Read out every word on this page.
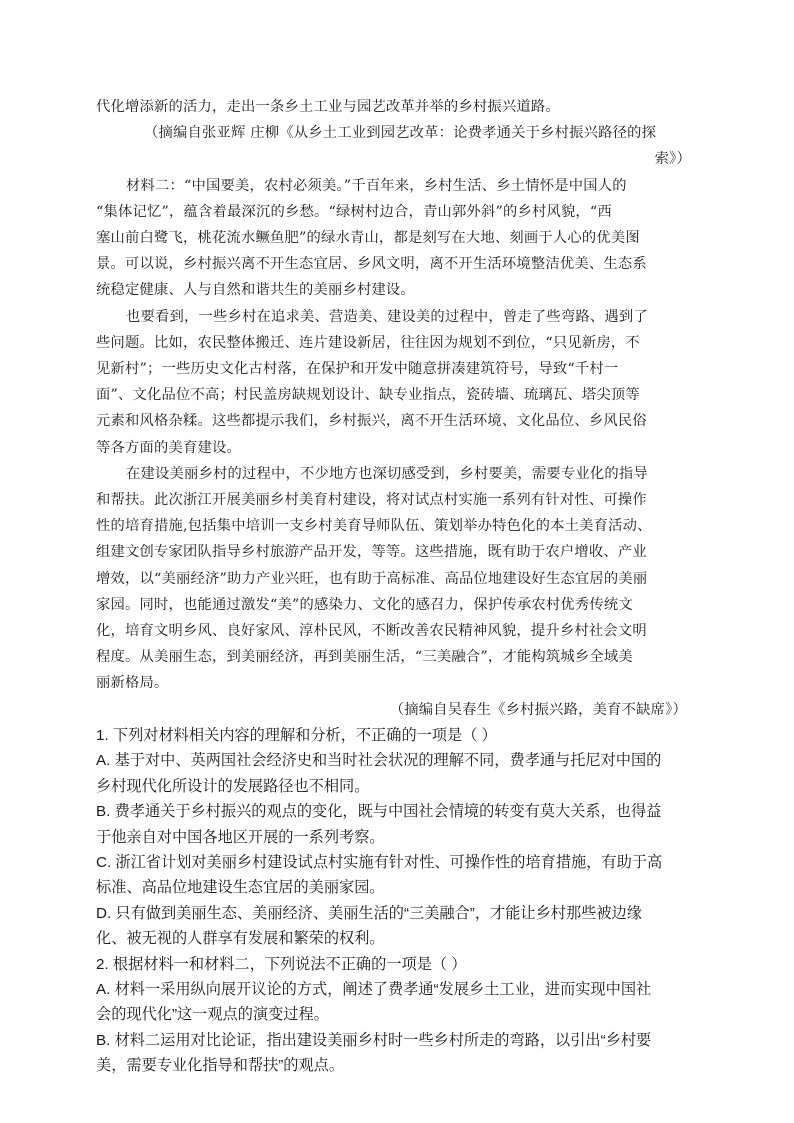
代化增添新的活力，走出一条乡土工业与园艺改革并举的乡村振兴道路。

（摘编自张亚辉 庄柳《从乡土工业到园艺改革：论费孝通关于乡村振兴路径的探

索》）

材料二：“中国要美，农村必须美。”千百年来，乡村生活、乡土情怀是中国人的
“集体记忆”，蕴含着最深沉的乡愁。“绿树村边合，青山郭外斜”的乡村风貌，“西
塞山前白鹭飞，桃花流水鳜鱼肥”的绿水青山，都是刻写在大地、刻画于人心的优美图
景。可以说，乡村振兴离不开生态宜居、乡风文明，离不开生活环境整洁优美、生态系
统稳定健康、人与自然和谐共生的美丽乡村建设。
也要看到，一些乡村在追求美、营造美、建设美的过程中，曾走了些弯路、遇到了
些问题。比如，农民整体搬迁、连片建设新居，往往因为规划不到位，“只见新房，不
见新村”；一些历史文化古村落，在保护和开发中随意拼凑建筑符号，导致“千村一
面”、文化品位不高；村民盖房缺规划设计、缺专业指点，瓷砖墙、琉璃瓦、塔尖顶等
元素和风格杂糅。这些都提示我们，乡村振兴，离不开生活环境、文化品位、乡风民俗
等各方面的美育建设。
在建设美丽乡村的过程中，不少地方也深切感受到，乡村要美，需要专业化的指导
和帮扶。此次浙江开展美丽乡村美育村建设，将对试点村实施一系列有针对性、可操作
性的培育措施,包括集中培训一支乡村美育导师队伍、策划举办特色化的本土美育活动、
组建文创专家团队指导乡村旅游产品开发，等等。这些措施，既有助于农户增收、产业
增效，以“美丽经济”助力产业兴旺，也有助于高标准、高品位地建设好生态宜居的美丽
家园。同时，也能通过激发“美”的感染力、文化的感召力，保护传承农村优秀传统文
化，培育文明乡风、良好家风、淳朴民风，不断改善农民精神风貌，提升乡村社会文明
程度。从美丽生态，到美丽经济，再到美丽生活，“三美融合”，才能构筑城乡全域美
丽新格局。

（摘编自吴春生《乡村振兴路，美育不缺席》）

1. 下列对材料相关内容的理解和分析，不正确的一项是（ ）

A. 基于对中、英两国社会经济史和当时社会状况的理解不同，费孝通与托尼对中国的
乡村现代化所设计的发展路径也不相同。

B. 费孝通关于乡村振兴的观点的变化，既与中国社会情境的转变有莫大关系，也得益
于他亲自对中国各地区开展的一系列考察。

C. 浙江省计划对美丽乡村建设试点村实施有针对性、可操作性的培育措施，有助于高
标准、高品位地建设生态宜居的美丽家园。

D. 只有做到美丽生态、美丽经济、美丽生活的“三美融合”，才能让乡村那些被边缘
化、被无视的人群享有发展和繁荣的权利。

2. 根据材料一和材料二，下列说法不正确的一项是（ ）

A. 材料一采用纵向展开议论的方式，阐述了费孝通“发展乡土工业，进而实现中国社
会的现代化”这一观点的演变过程。

B. 材料二运用对比论证，指出建设美丽乡村时一些乡村所走的弯路，以引出“乡村要
美，需要专业化指导和帮扶”的观点。
